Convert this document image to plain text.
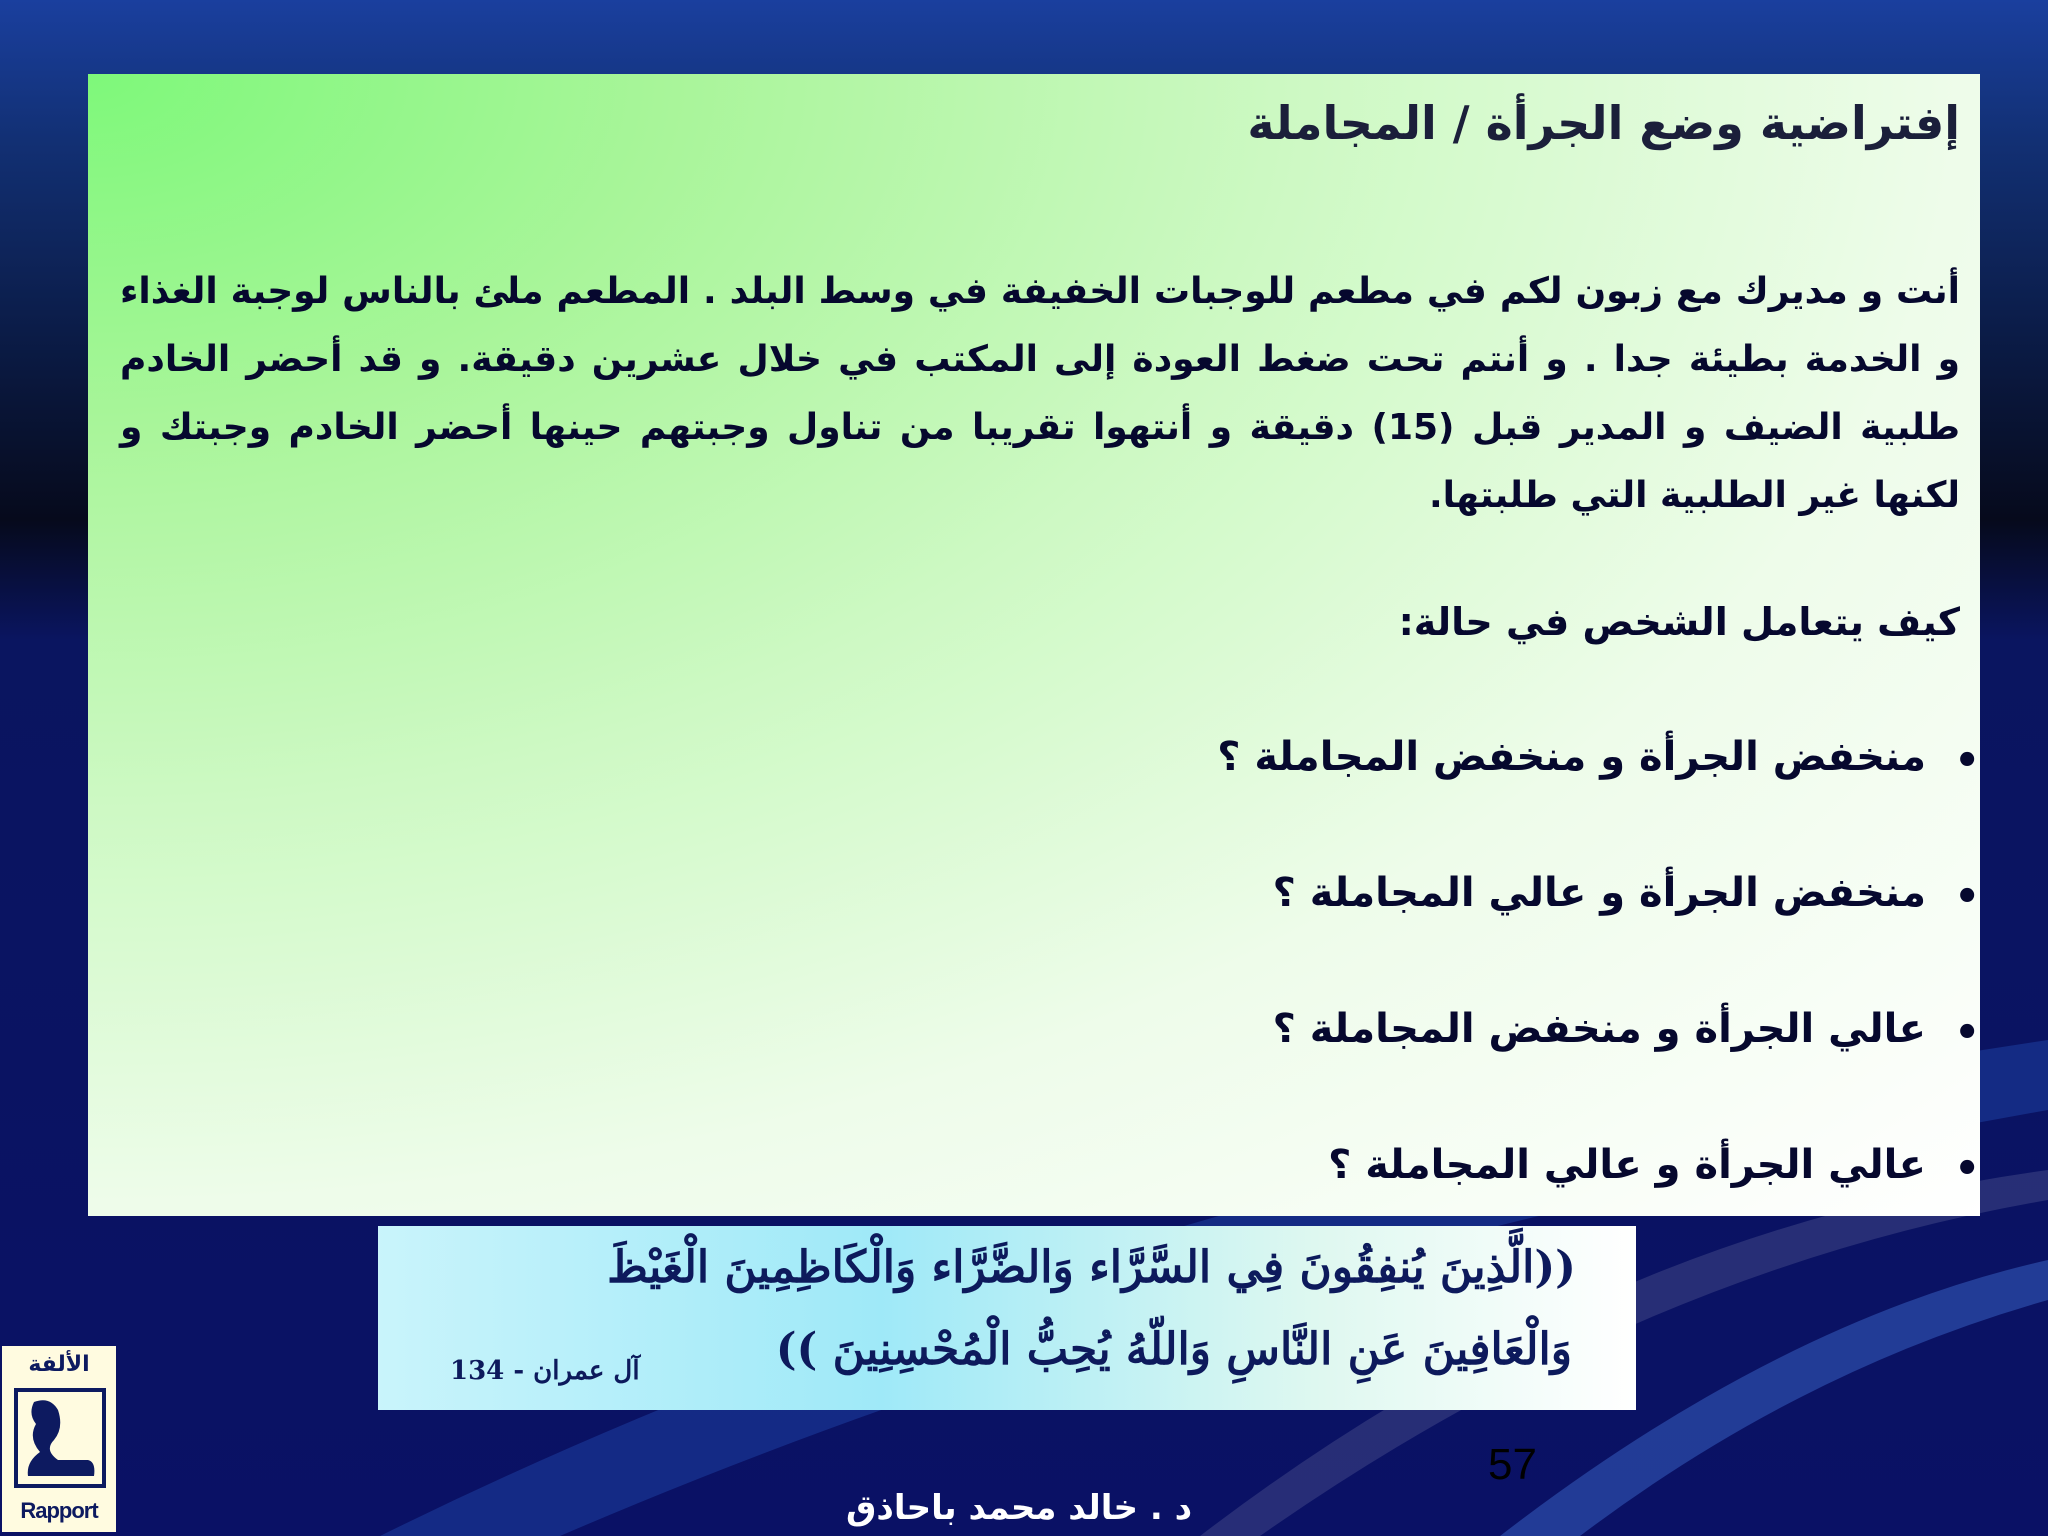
إفتراضية وضع الجرأة / المجاملة

أنت و مديرك مع زبون لكم في مطعم للوجبات الخفيفة في وسط البلد . المطعم ملئ بالناس لوجبة الغذاء و الخدمة بطيئة جدا . و أنتم تحت ضغط العودة إلى المكتب في خلال عشرين دقيقة. و قد أحضر الخادم طلبية الضيف و المدير قبل (15) دقيقة و أنتهوا تقريبا من تناول وجبتهم حينها أحضر الخادم وجبتك و لكنها غير الطلبية التي طلبتها.

كيف يتعامل الشخص في حالة:
•
منخفض الجرأة و منخفض المجاملة ؟
•
منخفض الجرأة و عالي المجاملة ؟
•
عالي الجرأة و منخفض المجاملة ؟
•
عالي الجرأة و عالي المجاملة ؟
((الَّذِينَ يُنفِقُونَ فِي السَّرَّاء وَالضَّرَّاء وَالْكَاظِمِينَ الْغَيْظَ
وَالْعَافِينَ عَنِ النَّاسِ وَاللّهُ يُحِبُّ الْمُحْسِنِينَ ))
آل عمران - 134
الألفة
Rapport
57
د . خالد محمد باحاذق
